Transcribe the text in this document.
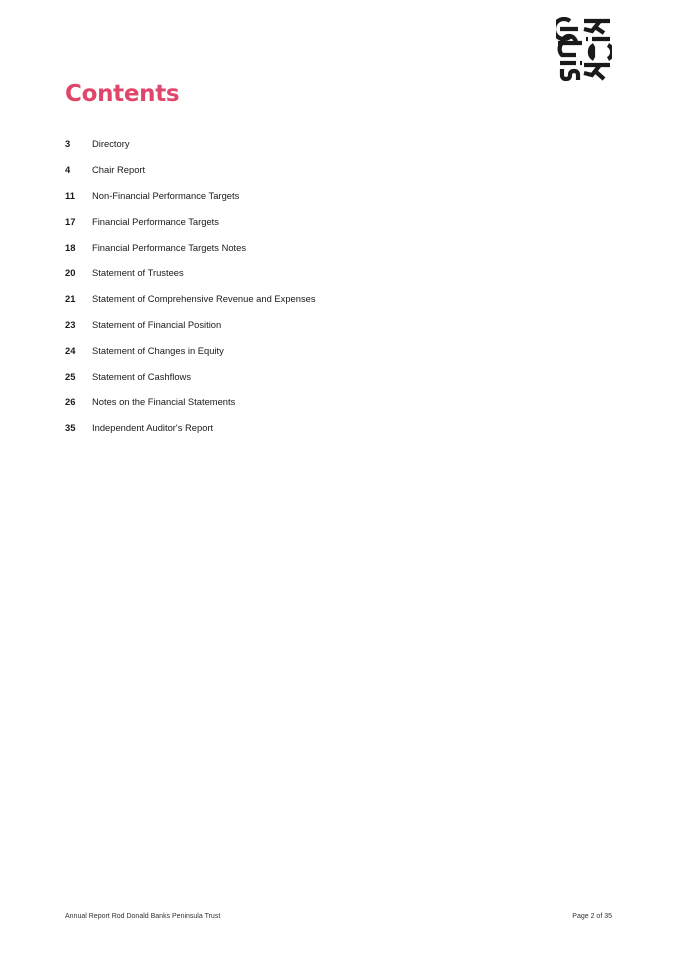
Contents
3	Directory
4	Chair Report
11	Non-Financial Performance Targets
17	Financial Performance Targets
18	Financial Performance Targets Notes
20	Statement of Trustees
21	Statement of Comprehensive Revenue and Expenses
23	Statement of Financial Position
24	Statement of Changes in Equity
25	Statement of Cashflows
26	Notes on the Financial Statements
35	Independent Auditor's Report
Annual Report Rod Donald Banks Peninsula Trust	Page 2 of 35
